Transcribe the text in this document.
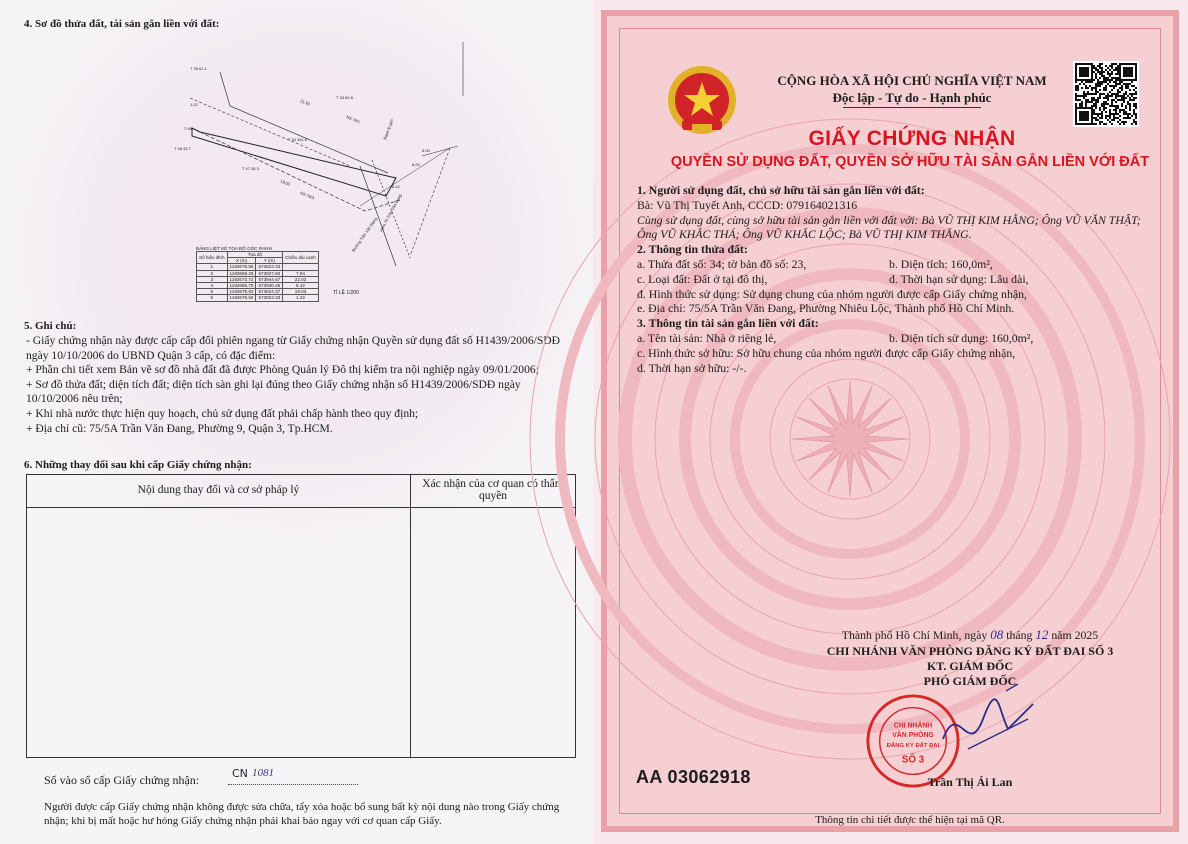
4. Sơ đồ thửa đất, tài sản gắn liền với đất:
Đường Trần Văn Đang
Hẻm 75 Trần Văn Đang
Ranh lộ giới
T 34 161.6
T 33 60.8
T 47 36.3
T 35 61.1
T 48 43.7
21.92
8.12
19.03
7.94
1.22
6.00
8.00
NS 76/3
NS 78/1
BẢNG LIỆT KÊ TỌA ĐỘ GÓC RANH
Số hiệu đỉnh	Tọa độ		Chiều dài cạnh
	X (m)	Y (m)	
1	1192676.56	573923.33	
2	1192669.26	573927.60	7.94
3	1192672.72	573944.67	22.02
4	1192665.75	573940.45	8.12
5	1192675.92	573924.37	19.03
6	1192676.56	573923.33	1.22
TỈ LỆ 1/200
5. Ghi chú:
- Giấy chứng nhận này được cấp cấp đổi phiên ngang từ Giấy chứng nhận Quyền sử dụng đất số H1439/2006/SDĐ ngày 10/10/2006 do UBND Quận 3 cấp, có đặc điểm:
+ Phần chi tiết xem Bản vẽ sơ đồ nhà đất đã được Phòng Quản lý Đô thị kiểm tra nội nghiệp ngày 09/01/2006;
+ Sơ đồ thửa đất; diện tích đất; diện tích sàn ghi lại đúng theo Giấy chứng nhận số H1439/2006/SDĐ ngày 10/10/2006 nêu trên;
+ Khi nhà nước thực hiện quy hoạch, chủ sử dụng đất phải chấp hành theo quy định;
+ Địa chỉ cũ: 75/5A Trần Văn Đang, Phường 9, Quận 3, Tp.HCM.
6. Những thay đổi sau khi cấp Giấy chứng nhận:
Nội dung thay đổi và cơ sở pháp lý	Xác nhận của cơ quan có thẩm quyền
Số vào sổ cấp Giấy chứng nhận:	CN 1081
Người được cấp Giấy chứng nhận không được sửa chữa, tẩy xóa hoặc bổ sung bất kỳ nội dung nào trong Giấy chứng nhận; khi bị mất hoặc hư hỏng Giấy chứng nhận phải khai báo ngay với cơ quan cấp Giấy.
CỘNG HÒA XÃ HỘI CHỦ NGHĨA VIỆT NAM
Độc lập - Tự do - Hạnh phúc
GIẤY CHỨNG NHẬN
QUYỀN SỬ DỤNG ĐẤT, QUYỀN SỞ HỮU TÀI SẢN GẮN LIỀN VỚI ĐẤT
1. Người sử dụng đất, chủ sở hữu tài sản gắn liền với đất:
Bà: Vũ Thị Tuyết Anh, CCCD: 079164021316
Cùng sử dụng đất, cùng sở hữu tài sản gắn liền với đất với: Bà VŨ THỊ KIM HẰNG; Ông VŨ VĂN THẬT; Ông VŨ KHẮC THÁ; Ông VŨ KHẮC LỘC; Bà VŨ THỊ KIM THẮNG.
2. Thông tin thửa đất:
a. Thửa đất số: 34; tờ bản đồ số: 23,	b. Diện tích: 160,0m²,
c. Loại đất: Đất ở tại đô thị,	d. Thời hạn sử dụng: Lâu dài,
đ. Hình thức sử dụng: Sử dụng chung của nhóm người được cấp Giấy chứng nhận,
e. Địa chỉ: 75/5A Trần Văn Đang, Phường Nhiêu Lộc, Thành phố Hồ Chí Minh.
3. Thông tin tài sản gắn liền với đất:
a. Tên tài sản: Nhà ở riêng lẻ,	b. Diện tích sử dụng: 160,0m²,
c. Hình thức sở hữu: Sở hữu chung của nhóm người được cấp Giấy chứng nhận,
d. Thời hạn sở hữu: -/-.
Thành phố Hồ Chí Minh, ngày 08 tháng 12 năm 2025
CHI NHÁNH VĂN PHÒNG ĐĂNG KÝ ĐẤT ĐAI SỐ 3
KT. GIÁM ĐỐC
PHÓ GIÁM ĐỐC
CHI NHÁNH
VĂN PHÒNG
ĐĂNG KÝ ĐẤT ĐAI
SỐ 3
AA 03062918	Trần Thị Ái Lan
Thông tin chi tiết được thể hiện tại mã QR.
